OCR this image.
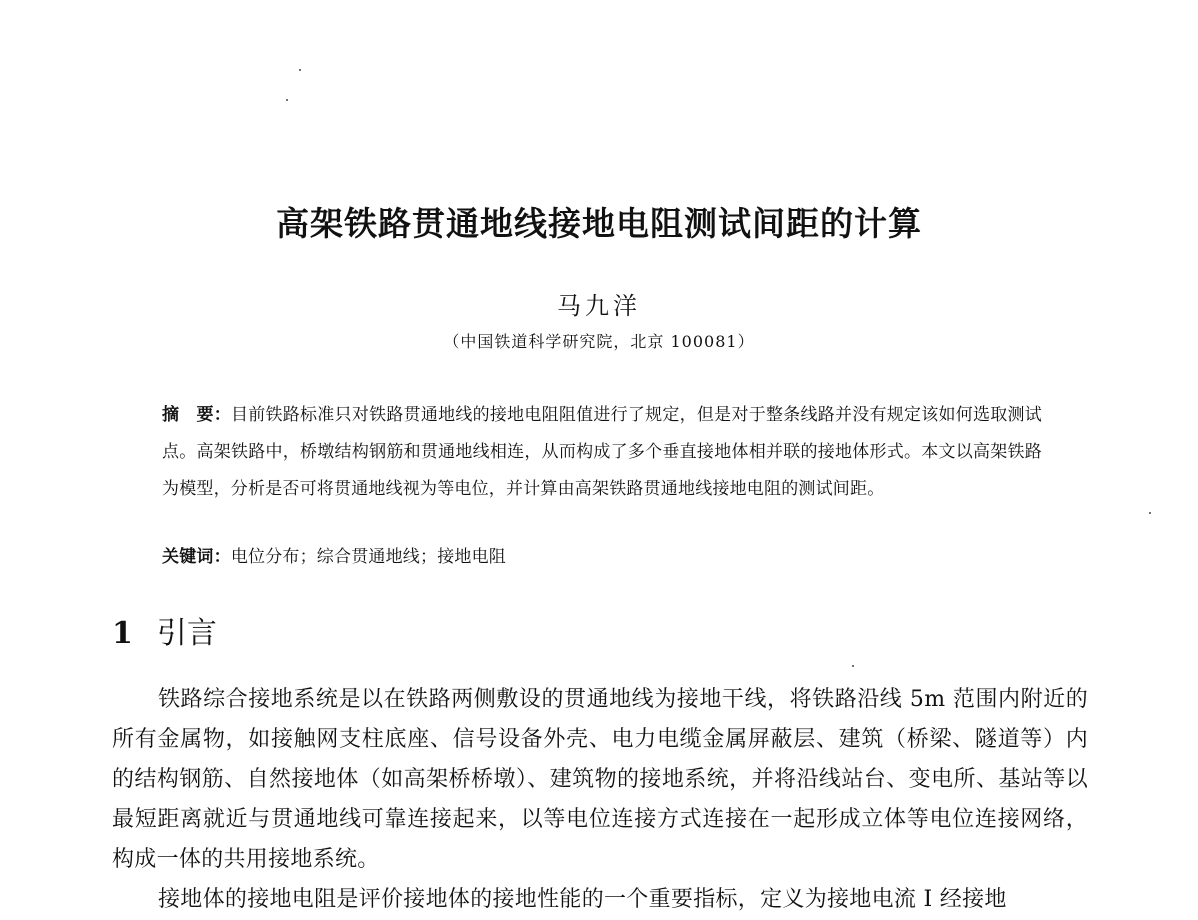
高架铁路贯通地线接地电阻测试间距的计算
马九洋
（中国铁道科学研究院，北京 100081）
摘　要：目前铁路标准只对铁路贯通地线的接地电阻阻值进行了规定，但是对于整条线路并没有规定该如何选取测试点。高架铁路中，桥墩结构钢筋和贯通地线相连，从而构成了多个垂直接地体相并联的接地体形式。本文以高架铁路为模型，分析是否可将贯通地线视为等电位，并计算由高架铁路贯通地线接地电阻的测试间距。
关键词：电位分布；综合贯通地线；接地电阻
1 引言

铁路综合接地系统是以在铁路两侧敷设的贯通地线为接地干线，将铁路沿线 5m 范围内附近的所有金属物，如接触网支柱底座、信号设备外壳、电力电缆金属屏蔽层、建筑（桥梁、隧道等）内的结构钢筋、自然接地体（如高架桥桥墩）、建筑物的接地系统，并将沿线站台、变电所、基站等以最短距离就近与贯通地线可靠连接起来，以等电位连接方式连接在一起形成立体等电位连接网络，构成一体的共用接地系统。

接地体的接地电阻是评价接地体的接地性能的一个重要指标，定义为接地电流 I 经接地
